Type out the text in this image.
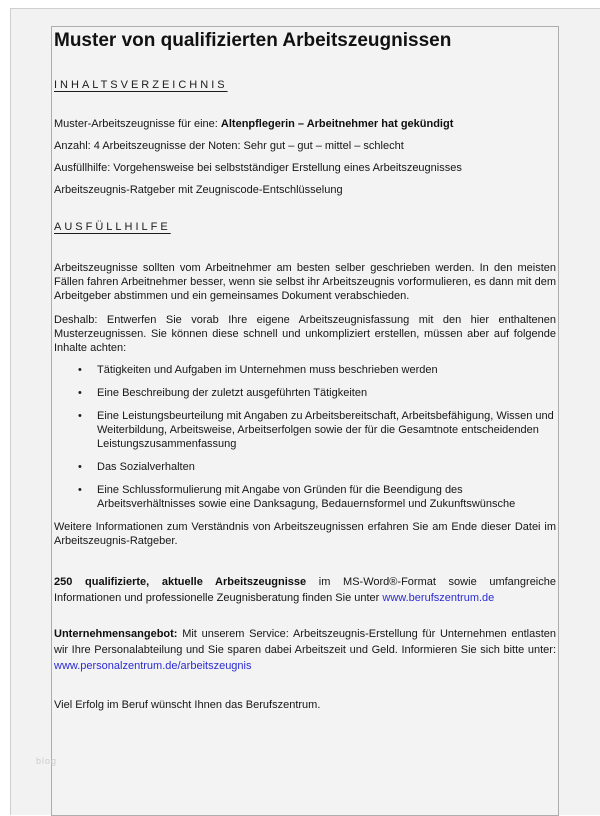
Muster von qualifizierten Arbeitszeugnissen
INHALTSVERZEICHNIS

Muster-Arbeitszeugnisse für eine: Altenpflegerin – Arbeitnehmer hat gekündigt

Anzahl: 4 Arbeitszeugnisse der Noten: Sehr gut – gut – mittel – schlecht

Ausfüllhilfe: Vorgehensweise bei selbstständiger Erstellung eines Arbeitszeugnisses

Arbeitszeugnis-Ratgeber mit Zeugniscode-Entschlüsselung

AUSFÜLLHILFE

Arbeitszeugnisse sollten vom Arbeitnehmer am besten selber geschrieben werden. In den meisten Fällen fahren Arbeitnehmer besser, wenn sie selbst ihr Arbeitszeugnis vorformulieren, es dann mit dem Arbeitgeber abstimmen und ein gemeinsames Dokument verabschieden.

Deshalb: Entwerfen Sie vorab Ihre eigene Arbeitszeugnisfassung mit den hier enthaltenen Musterzeugnissen. Sie können diese schnell und unkompliziert erstellen, müssen aber auf folgende Inhalte achten:

• Tätigkeiten und Aufgaben im Unternehmen muss beschrieben werden
• Eine Beschreibung der zuletzt ausgeführten Tätigkeiten
• Eine Leistungsbeurteilung mit Angaben zu Arbeitsbereitschaft, Arbeitsbefähigung, Wissen und Weiterbildung, Arbeitsweise, Arbeitserfolgen sowie der für die Gesamtnote entscheidenden Leistungszusammenfassung
• Das Sozialverhalten
• Eine Schlussformulierung mit Angabe von Gründen für die Beendigung des Arbeitsverhältnisses sowie eine Danksagung, Bedauernsformel und Zukunftswünsche

Weitere Informationen zum Verständnis von Arbeitszeugnissen erfahren Sie am Ende dieser Datei im Arbeitszeugnis-Ratgeber.

250 qualifizierte, aktuelle Arbeitszeugnisse im MS-Word®-Format sowie umfangreiche Informationen und professionelle Zeugnisberatung finden Sie unter www.berufszentrum.de

Unternehmensangebot: Mit unserem Service: Arbeitszeugnis-Erstellung für Unternehmen entlasten wir Ihre Personalabteilung und Sie sparen dabei Arbeitszeit und Geld. Informieren Sie sich bitte unter: www.personalzentrum.de/arbeitszeugnis

Viel Erfolg im Beruf wünscht Ihnen das Berufszentrum.

blog
